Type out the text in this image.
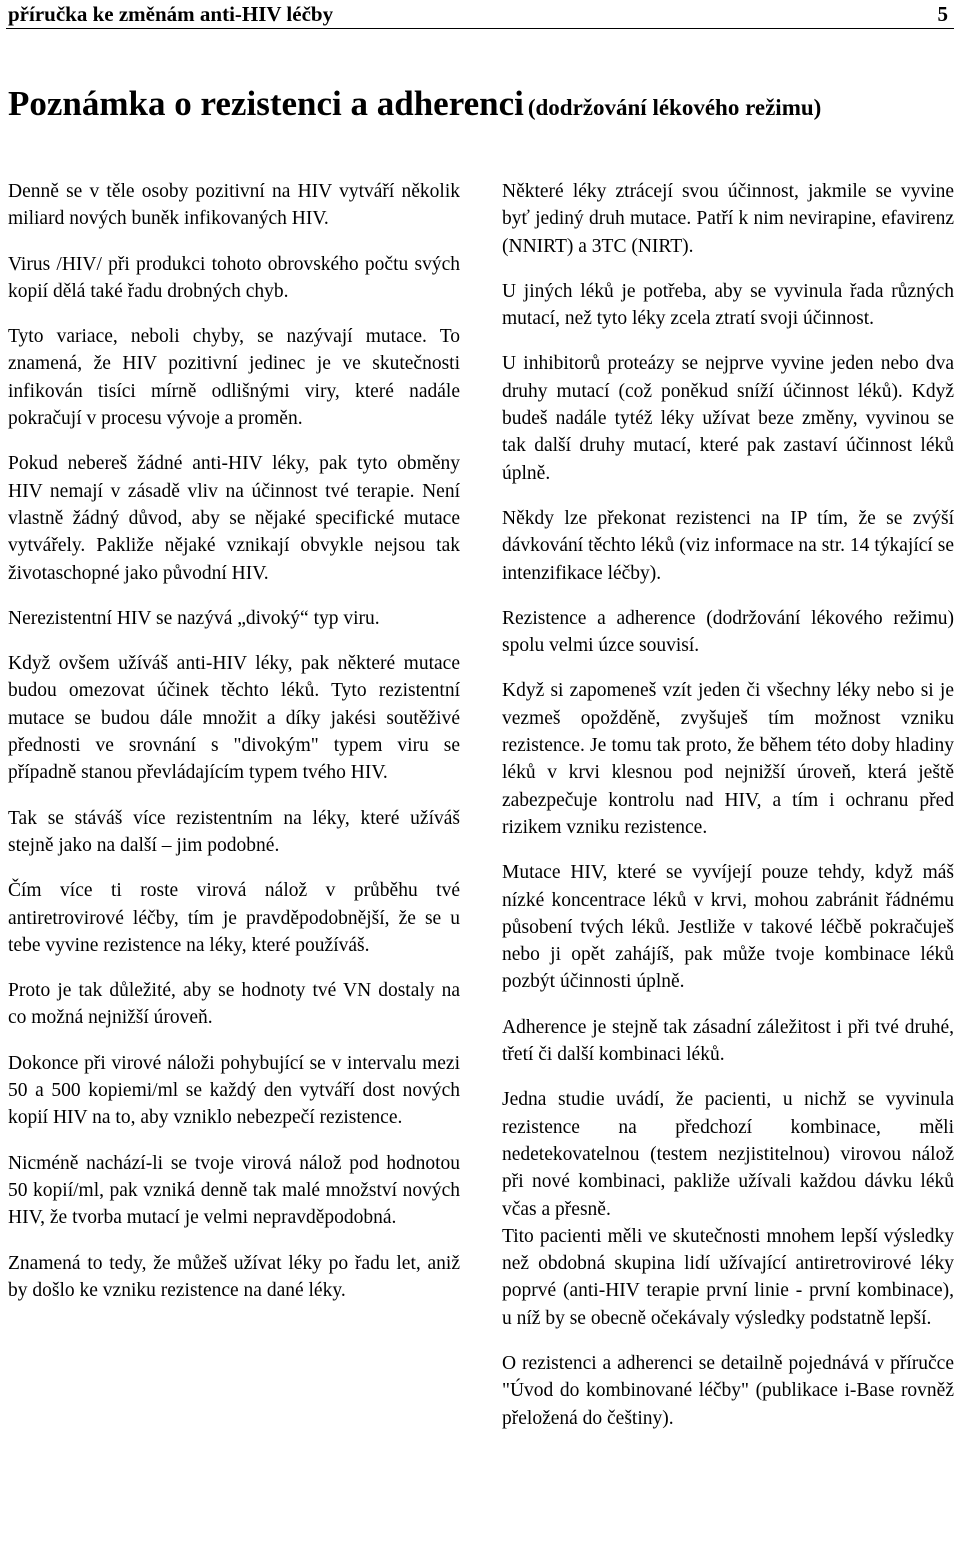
příručka ke změnám anti-HIV léčby	5
Poznámka o rezistenci a adherenci (dodržování lékového režimu)

Denně se v těle osoby pozitivní na HIV vytváří několik miliard nových buněk infikovaných HIV.

Virus /HIV/ při produkci tohoto obrovského počtu svých kopií dělá také řadu drobných chyb.

Tyto variace, neboli chyby, se nazývají mutace. To znamená, že HIV pozitivní jedinec je ve skutečnosti infikován tisíci mírně odlišnými viry, které nadále pokračují v procesu vývoje a proměn.

Pokud nebereš žádné anti-HIV léky, pak tyto obměny HIV nemají v zásadě vliv na účinnost tvé terapie. Není vlastně žádný důvod, aby se nějaké specifické mutace vytvářely. Pakliže nějaké vznikají obvykle nejsou tak životaschopné jako původní HIV.

Nerezistentní HIV se nazývá „divoký“ typ viru.

Když ovšem užíváš anti-HIV léky, pak některé mutace budou omezovat účinek těchto léků. Tyto rezistentní mutace se budou dále množit a díky jakési soutěživé přednosti ve srovnání s "divokým" typem viru se případně stanou převládajícím typem tvého HIV.

Tak se stáváš více rezistentním na léky, které užíváš stejně jako na další – jim podobné.

Čím více ti roste virová nálož v průběhu tvé antiretrovirové léčby, tím je pravděpodobnější, že se u tebe vyvine rezistence na léky, které používáš.

Proto je tak důležité, aby se hodnoty tvé VN dostaly na co možná nejnižší úroveň.

Dokonce při virové náloži pohybující se v intervalu mezi 50 a 500 kopiemi/ml se každý den vytváří dost nových kopií HIV na to, aby vzniklo nebezpečí rezistence.

Nicméně nachází-li se tvoje virová nálož pod hodnotou 50 kopií/ml, pak vzniká denně tak malé množství nových HIV, že tvorba mutací je velmi nepravděpodobná.

Znamená to tedy, že můžeš užívat léky po řadu let, aniž by došlo ke vzniku rezistence na dané léky.

Některé léky ztrácejí svou účinnost, jakmile se vyvine byť jediný druh mutace. Patří k nim nevirapine, efavirenz (NNIRT) a 3TC (NIRT).

U jiných léků je potřeba, aby se vyvinula řada různých mutací, než tyto léky zcela ztratí svoji účinnost.

U inhibitorů proteázy se nejprve vyvine jeden nebo dva druhy mutací (což poněkud sníží účinnost léků). Když budeš nadále tytéž léky užívat beze změny, vyvinou se tak další druhy mutací, které pak zastaví účinnost léků úplně.

Někdy lze překonat rezistenci na IP tím, že se zvýší dávkování těchto léků (viz informace na str. 14 týkající se intenzifikace léčby).

Rezistence a adherence (dodržování lékového režimu) spolu velmi úzce souvisí.

Když si zapomeneš vzít jeden či všechny léky nebo si je vezmeš opožděně, zvyšuješ tím možnost vzniku rezistence. Je tomu tak proto, že během této doby hladiny léků v krvi klesnou pod nejnižší úroveň, která ještě zabezpečuje kontrolu nad HIV, a tím i ochranu před rizikem vzniku rezistence.

Mutace HIV, které se vyvíjejí pouze tehdy, když máš nízké koncentrace léků v krvi, mohou zabránit řádnému působení tvých léků. Jestliže v takové léčbě pokračuješ nebo ji opět zahájíš, pak může tvoje kombinace léků pozbýt účinnosti úplně.

Adherence je stejně tak zásadní záležitost i při tvé druhé, třetí či další kombinaci léků.

Jedna studie uvádí, že pacienti, u nichž se vyvinula rezistence na předchozí kombinace, měli nedetekovatelnou (testem nezjistitelnou) virovou nálož při nové kombinaci, pakliže užívali každou dávku léků včas a přesně.

Tito pacienti měli ve skutečnosti mnohem lepší výsledky než obdobná skupina lidí užívající antiretrovirové léky poprvé (anti-HIV terapie první linie - první kombinace), u níž by se obecně očekávaly výsledky podstatně lepší.

O rezistenci a adherenci se detailně pojednává v příručce "Úvod do kombinované léčby" (publikace i-Base rovněž přeložená do češtiny).
